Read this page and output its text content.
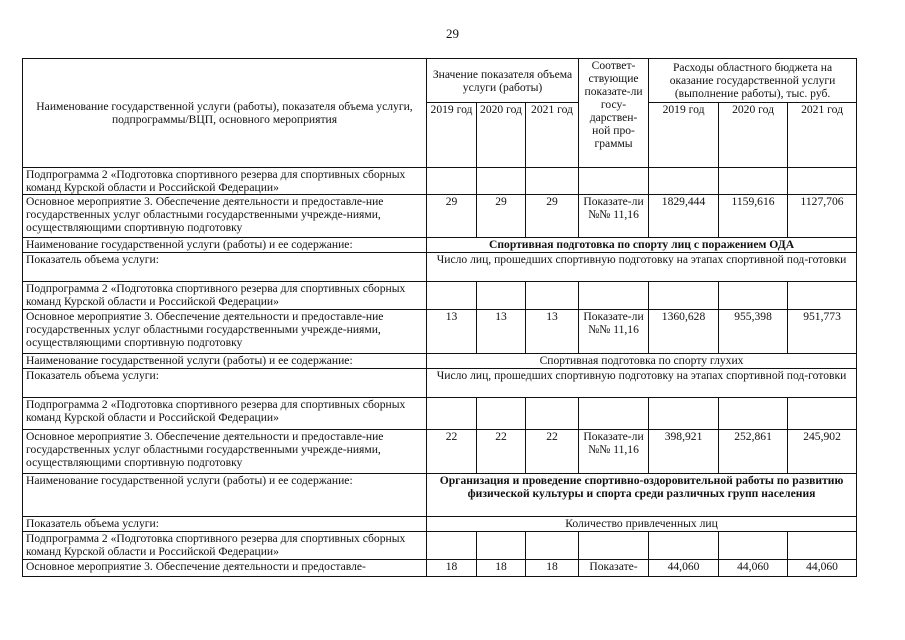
29
Наименование государственной услуги (работы), показателя объема услуги, подпрограммы/ВЦП, основного мероприятия	Значение показателя объема услуги (работы)			Соответ-ствующие показате-ли госу-дарствен-ной про-граммы	Расходы областного бюджета на оказание государственной услуги (выполнение работы), тыс. руб.		
	2019 год	2020 год	2021 год		2019 год	2020 год	2021 год
Подпрограмма 2 «Подготовка спортивного резерва для спортивных сборных команд Курской области и Российской Федерации»							
Основное мероприятие 3. Обеспечение деятельности и предоставле-ние государственных услуг областными государственными учрежде-ниями, осуществляющими спортивную подготовку	29	29	29	Показате-ли №№ 11,16	1829,444	1159,616	1127,706
Наименование государственной услуги (работы) и ее содержание:	Спортивная подготовка по спорту лиц с поражением ОДА						
Показатель объема услуги:	Число лиц, прошедших спортивную подготовку на этапах спортивной под-готовки						
Подпрограмма 2 «Подготовка спортивного резерва для спортивных сборных команд Курской области и Российской Федерации»							
Основное мероприятие 3. Обеспечение деятельности и предоставле-ние государственных услуг областными государственными учрежде-ниями, осуществляющими спортивную подготовку	13	13	13	Показате-ли №№ 11,16	1360,628	955,398	951,773
Наименование государственной услуги (работы) и ее содержание:	Спортивная подготовка по спорту глухих						
Показатель объема услуги:	Число лиц, прошедших спортивную подготовку на этапах спортивной под-готовки						
Подпрограмма 2 «Подготовка спортивного резерва для спортивных сборных команд Курской области и Российской Федерации»							
Основное мероприятие 3. Обеспечение деятельности и предоставле-ние государственных услуг областными государственными учрежде-ниями, осуществляющими спортивную подготовку	22	22	22	Показате-ли №№ 11,16	398,921	252,861	245,902
Наименование государственной услуги (работы) и ее содержание:	Организация и проведение спортивно-оздоровительной работы по развитию физической культуры и спорта среди различных групп населения						
Показатель объема услуги:	Количество привлеченных лиц						
Подпрограмма 2 «Подготовка спортивного резерва для спортивных сборных команд Курской области и Российской Федерации»							
Основное мероприятие 3. Обеспечение деятельности и предоставле-	18	18	18	Показате-	44,060	44,060	44,060
